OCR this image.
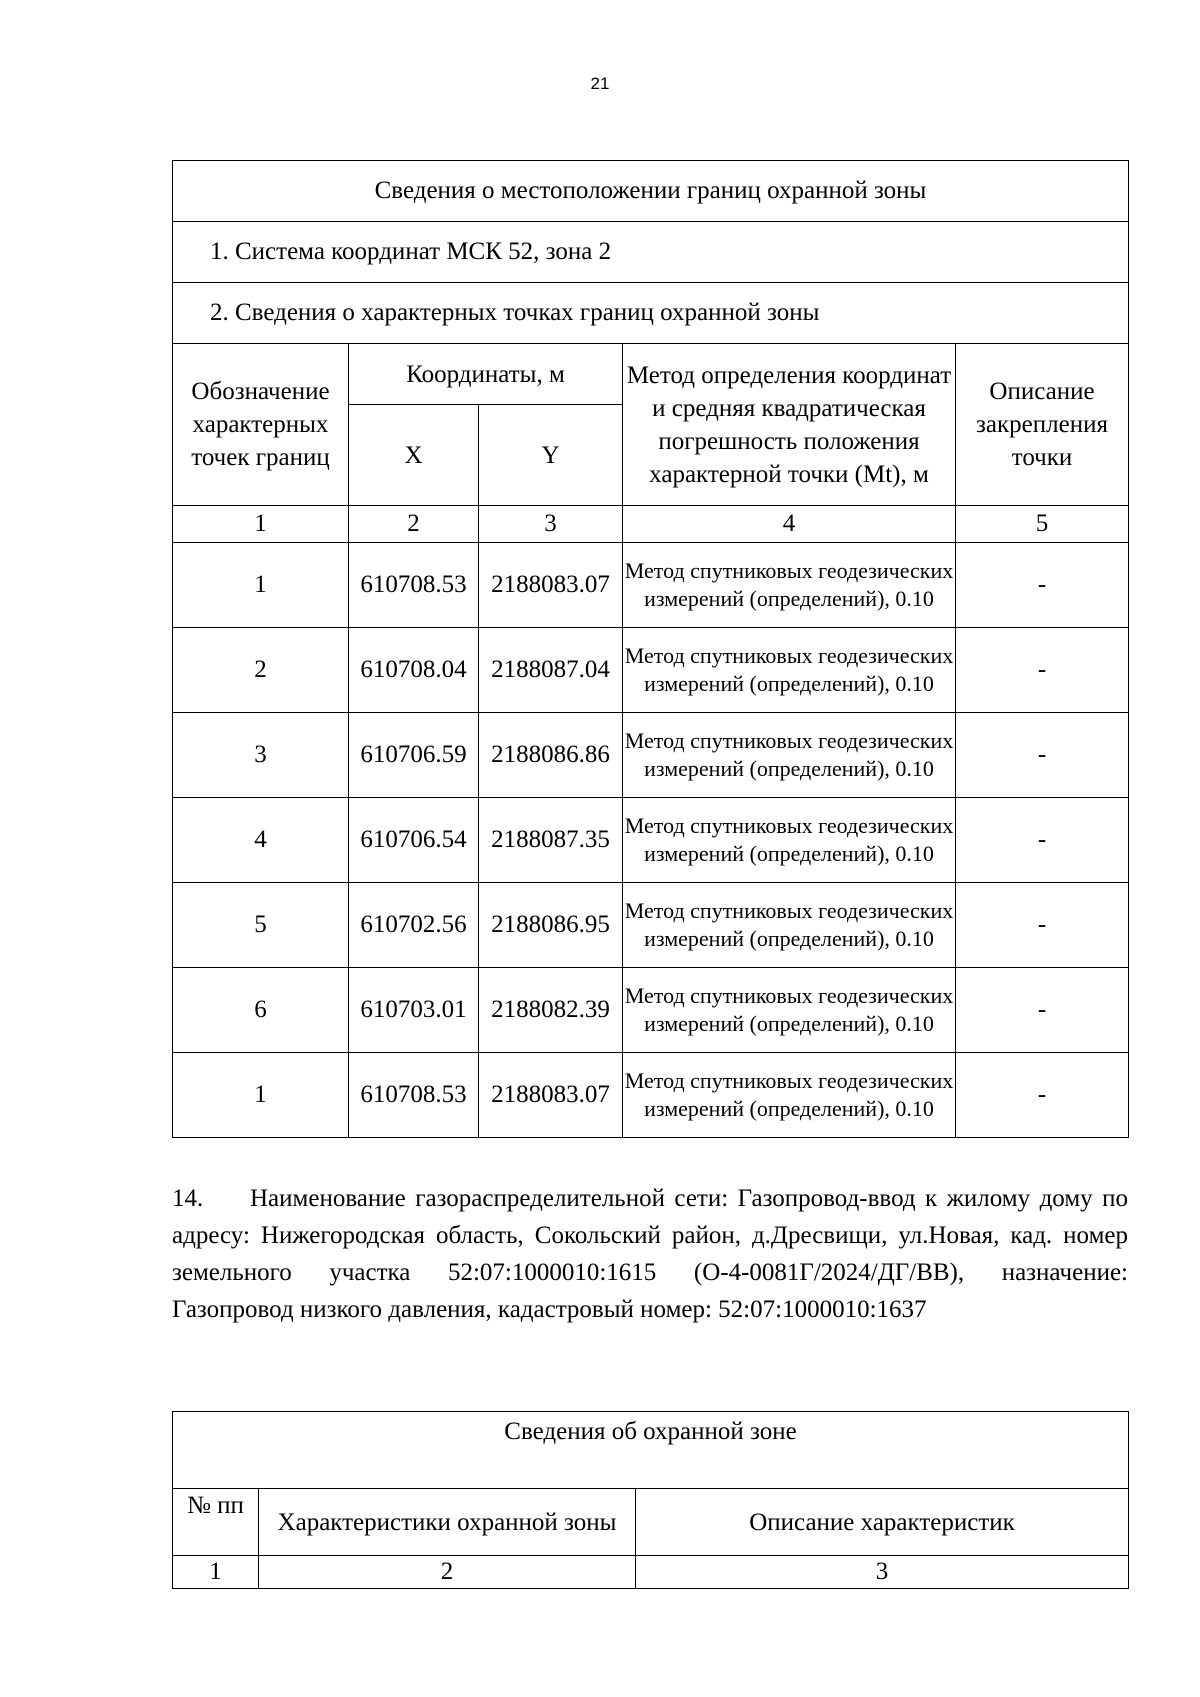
21
Сведения о местоположении границ охранной зоны				
1. Система координат МСК 52, зона 2				
2. Сведения о характерных точках границ охранной зоны				
Обозначение характерных точек границ	Координаты, м		Метод определения координат и средняя квадратическая погрешность положения характерной точки (Mt), м	Описание закрепления точки
	X	Y		
1	2	3	4	5
1	610708.53	2188083.07	Метод спутниковых геодезических измерений (определений), 0.10	-
2	610708.04	2188087.04	Метод спутниковых геодезических измерений (определений), 0.10	-
3	610706.59	2188086.86	Метод спутниковых геодезических измерений (определений), 0.10	-
4	610706.54	2188087.35	Метод спутниковых геодезических измерений (определений), 0.10	-
5	610702.56	2188086.95	Метод спутниковых геодезических измерений (определений), 0.10	-
6	610703.01	2188082.39	Метод спутниковых геодезических измерений (определений), 0.10	-
1	610708.53	2188083.07	Метод спутниковых геодезических измерений (определений), 0.10	-
14. Наименование газораспределительной сети: Газопровод-ввод к жилому дому по адресу: Нижегородская область, Сокольский район, д.Дресвищи, ул.Новая, кад. номер земельного участка 52:07:1000010:1615 (О-4-0081Г/2024/ДГ/ВВ), назначение: Газопровод низкого давления, кадастровый номер: 52:07:1000010:1637
Сведения об охранной зоне		
№ пп	Характеристики охранной зоны	Описание характеристик
1	2	3
